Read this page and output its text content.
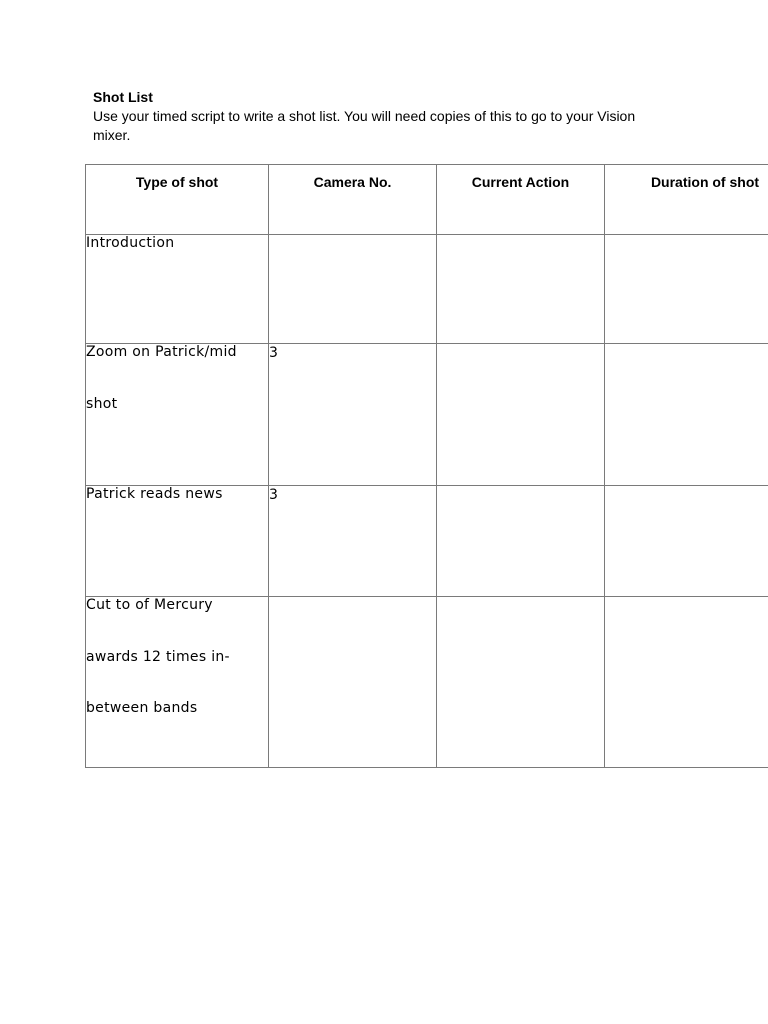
Shot List
Use your timed script to write a shot list. You will need copies of this to go to your Vision mixer.
Type of shot	Camera No.	Current Action	Duration of shot

Introduction			

Zoom on Patrick/mid shot	3		

Patrick reads news	3		

Cut to of Mercury awards 12 times in-between bands			
